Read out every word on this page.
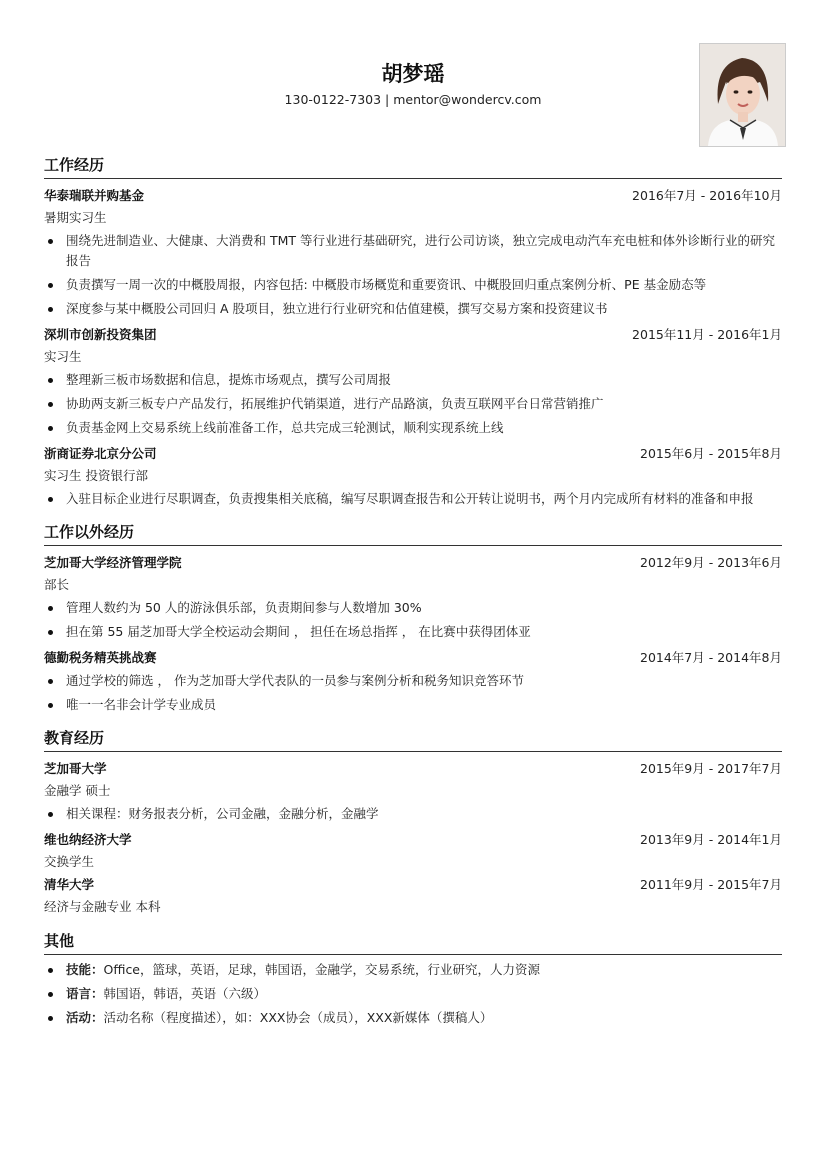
胡梦瑶
130-0122-7303 | mentor@wondercv.com
工作经历
华泰瑞联并购基金	2016年7月 - 2016年10月
暑期实习生
围绕先进制造业、大健康、大消费和 TMT 等行业进行基础研究，进行公司访谈，独立完成电动汽车充电桩和体外诊断行业的研究报告
负责撰写一周一次的中概股周报，内容包括: 中概股市场概览和重要资讯、中概股回归重点案例分析、PE 基金励态等
深度参与某中概股公司回归 A 股项目，独立进行行业研究和估值建模，撰写交易方案和投资建议书
深圳市创新投资集团	2015年11月 - 2016年1月
实习生
整理新三板市场数据和信息，提炼市场观点，撰写公司周报
协助两支新三板专户产品发行，拓展维护代销渠道，进行产品路演，负责互联网平台日常营销推广
负责基金网上交易系统上线前准备工作，总共完成三轮测试，顺利实现系统上线
浙商证券北京分公司	2015年6月 - 2015年8月
实习生 投资银行部
入驻目标企业进行尽职调查，负责搜集相关底稿，编写尽职调查报告和公开转让说明书，两个月内完成所有材料的准备和申报
工作以外经历
芝加哥大学经济管理学院	2012年9月 - 2013年6月
部长
管理人数约为 50 人的游泳俱乐部，负责期间参与人数增加 30%
担在第 55 届芝加哥大学全校运动会期间 ， 担任在场总指挥 ， 在比赛中获得团体亚
德勤税务精英挑战赛	2014年7月 - 2014年8月
通过学校的筛选 ， 作为芝加哥大学代表队的一员参与案例分析和税务知识竞答环节
唯一一名非会计学专业成员
教育经历
芝加哥大学	2015年9月 - 2017年7月
金融学 硕士
相关课程：财务报表分析，公司金融，金融分析，金融学
维也纳经济大学	2013年9月 - 2014年1月
交换学生
清华大学	2011年9月 - 2015年7月
经济与金融专业 本科
其他
技能：Office，篮球，英语，足球，韩国语，金融学，交易系统，行业研究，人力资源
语言：韩国语，韩语，英语（六级）
活动：活动名称（程度描述），如：XXX协会（成员），XXX新媒体（撰稿人）
